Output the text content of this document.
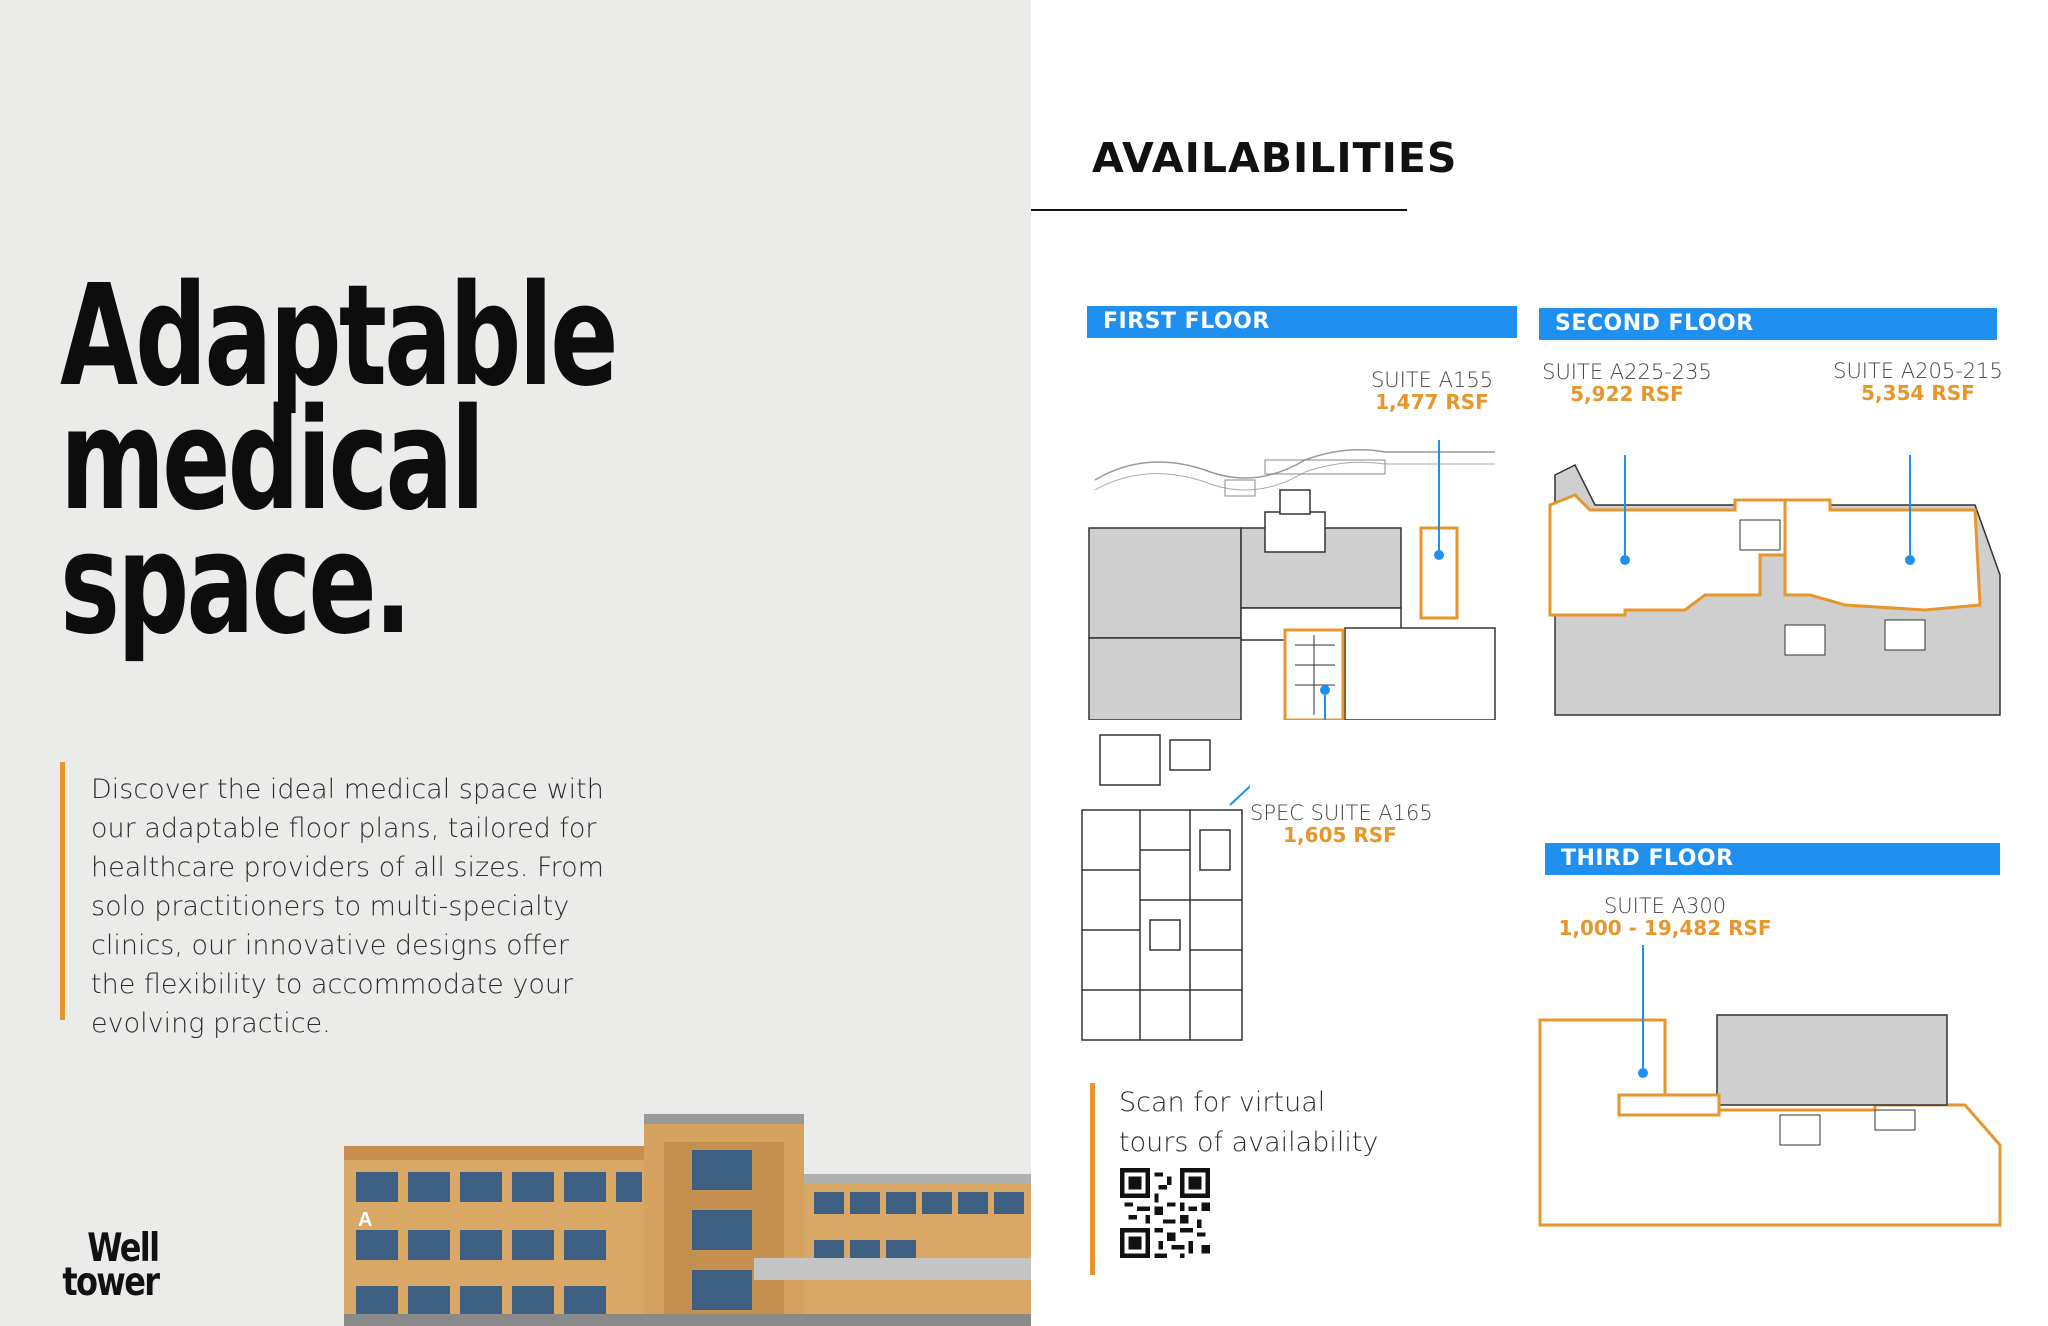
Adaptable
medical
space.

Discover the ideal medical space with our adaptable floor plans, tailored for healthcare providers of all sizes. From solo practitioners to multi-specialty clinics, our innovative designs offer the flexibility to accommodate your evolving practice.

Well
tower
A
AVAILABILITIES
FIRST FLOOR	SECOND FLOOR
THIRD FLOOR
SUITE A155
1,477 RSF
SPEC SUITE A165
1,605 RSF
SUITE A225-235
5,922 RSF
SUITE A205-215
5,354 RSF
SUITE A300
1,000 - 19,482 RSF

Scan for virtual

tours of availability
